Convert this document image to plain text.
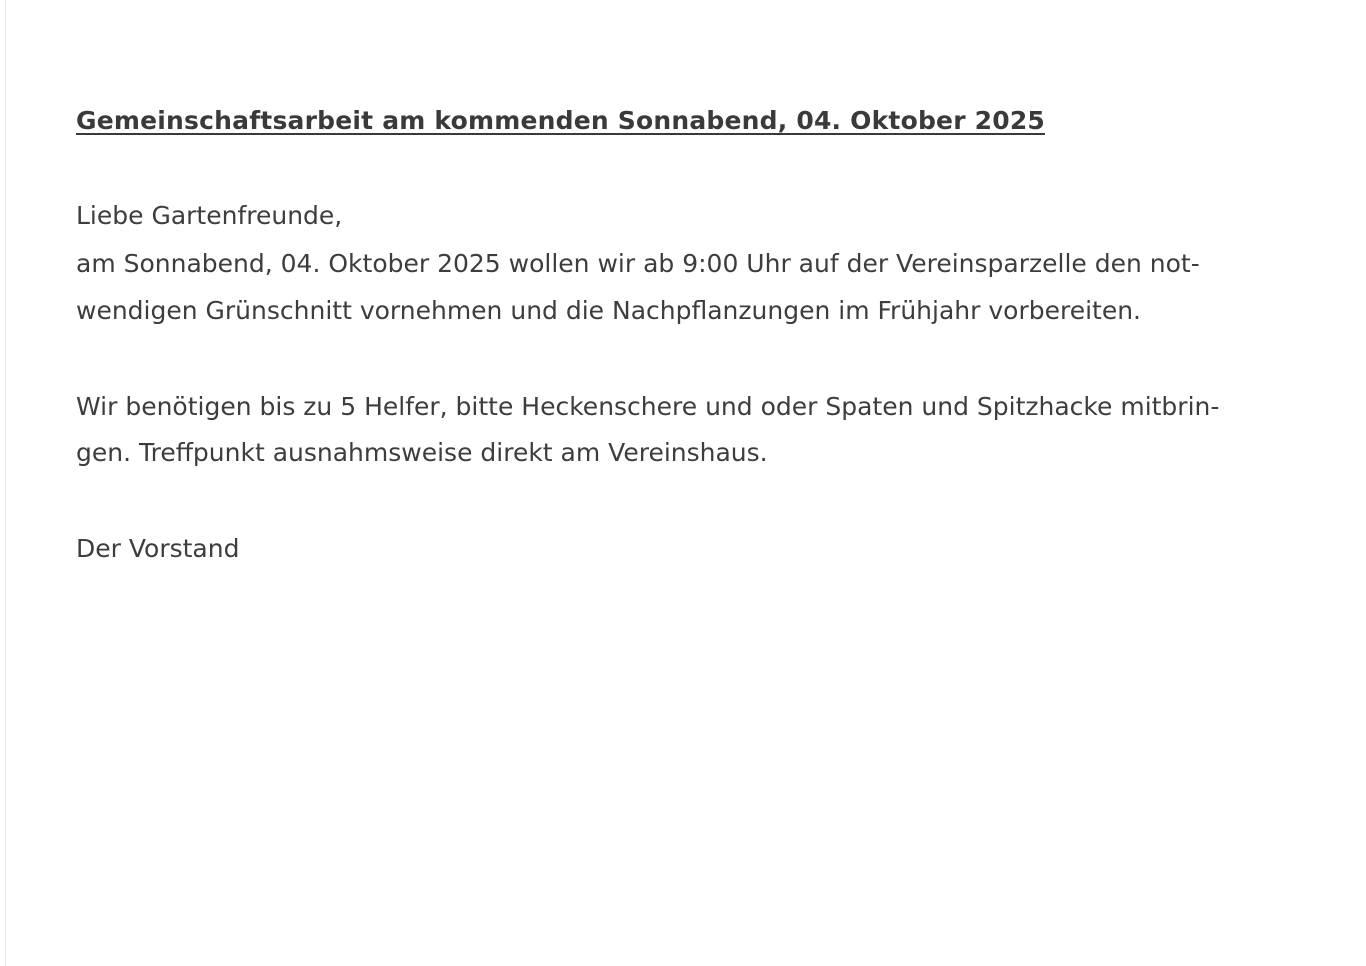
Gemeinschaftsarbeit am kommenden Sonnabend, 04. Oktober 2025
Liebe Gartenfreunde,
am Sonnabend, 04. Oktober 2025 wollen wir ab 9:00 Uhr auf der Vereinsparzelle den not-
wendigen Grünschnitt vornehmen und die Nachpflanzungen im Frühjahr vorbereiten.
Wir benötigen bis zu 5 Helfer, bitte Heckenschere und oder Spaten und Spitzhacke mitbrin-
gen. Treffpunkt ausnahmsweise direkt am Vereinshaus.
Der Vorstand
